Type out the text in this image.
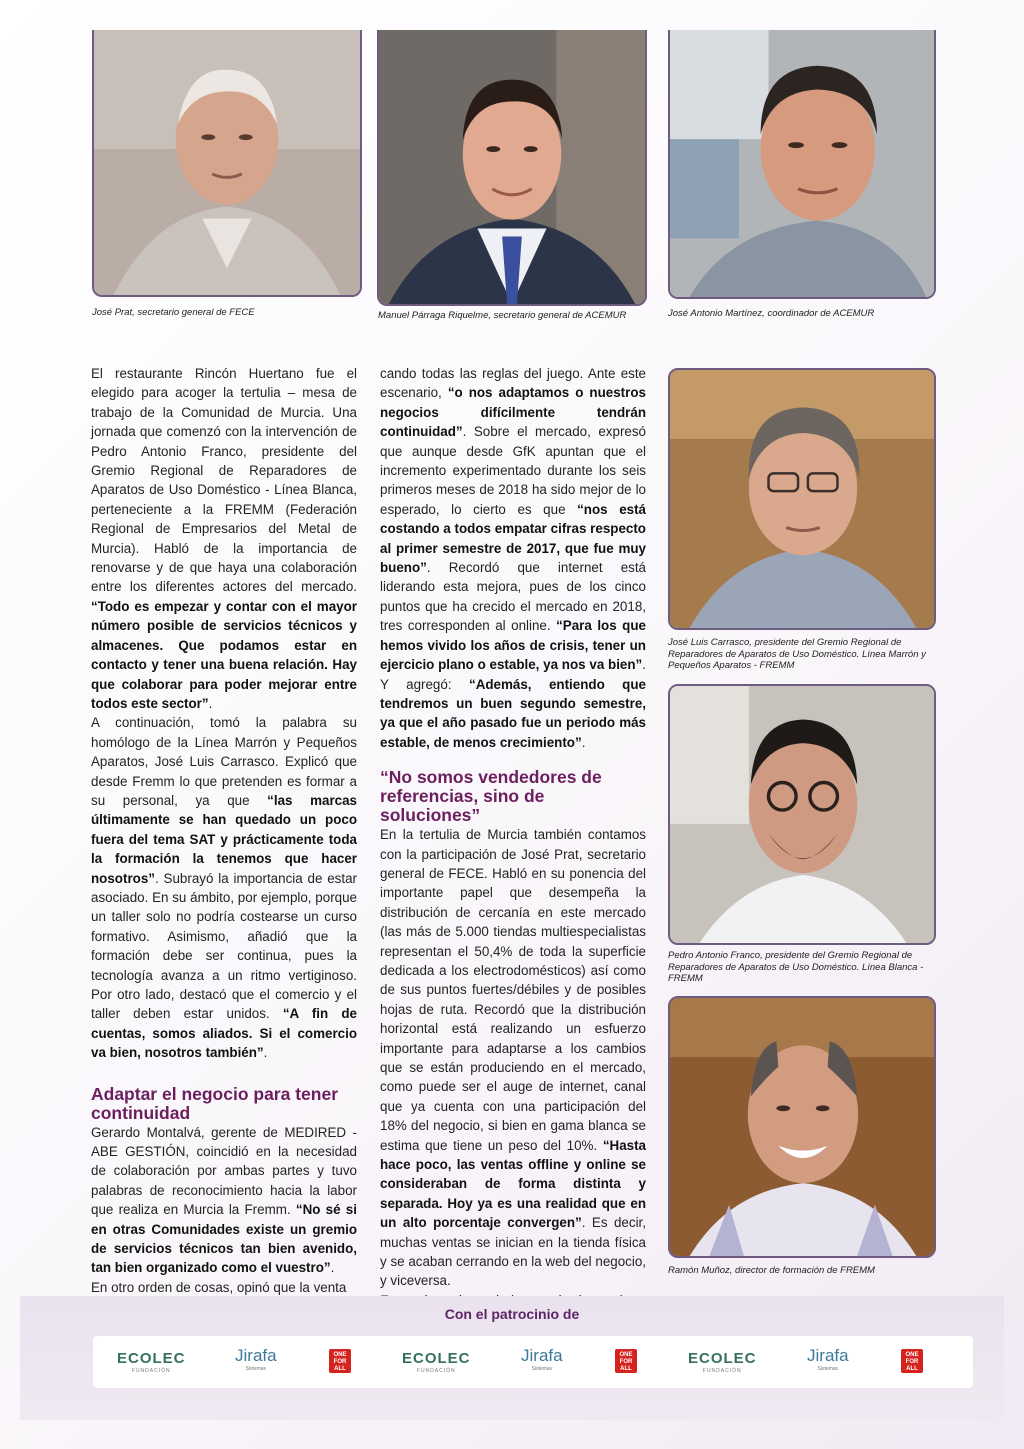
José Prat, secretario general de FECE	Manuel Párraga Riquelme, secretario general de ACEMUR	José Antonio Martínez, coordinador de ACEMUR
José Luis Carrasco, presidente del Gremio Regional de Reparadores de Aparatos de Uso Doméstico. Línea Marrón y Pequeños Aparatos - FREMM
Pedro Antonio Franco, presidente del Gremio Regional de Reparadores de Aparatos de Uso Doméstico. Línea Blanca - FREMM
Ramón Muñoz, director de formación de FREMM

El restaurante Rincón Huertano fue el elegido para acoger la tertulia – mesa de trabajo de la Comunidad de Murcia. Una jornada que comenzó con la intervención de Pedro Antonio Franco, presidente del Gremio Regional de Reparadores de Aparatos de Uso Doméstico - Línea Blanca, perteneciente a la FREMM (Federación Regional de Empresarios del Metal de Murcia). Habló de la importancia de renovarse y de que haya una colaboración entre los diferentes actores del mercado. “Todo es empezar y contar con el mayor número posible de servicios técnicos y almacenes. Que podamos estar en contacto y tener una buena relación. Hay que colaborar para poder mejorar entre todos este sector”.

A continuación, tomó la palabra su homólogo de la Línea Marrón y Pequeños Aparatos, José Luis Carrasco. Explicó que desde Fremm lo que pretenden es formar a su personal, ya que “las marcas últimamente se han quedado un poco fuera del tema SAT y prácticamente toda la formación la tenemos que hacer nosotros”. Subrayó la importancia de estar asociado. En su ámbito, por ejemplo, porque un taller solo no podría costearse un curso formativo. Asimismo, añadió que la formación debe ser continua, pues la tecnología avanza a un ritmo vertiginoso. Por otro lado, destacó que el comercio y el taller deben estar unidos. “A fin de cuentas, somos aliados. Si el comercio va bien, nosotros también”.

Adaptar el negocio para tener continuidad

Gerardo Montalvá, gerente de MEDIRED - ABE GESTIÓN, coincidió en la necesidad de colaboración por ambas partes y tuvo palabras de reconocimiento hacia la labor que realiza en Murcia la Fremm. “No sé si en otras Comunidades existe un gremio de servicios técnicos tan bien avenido, tan bien organizado como el vuestro”.

En otro orden de cosas, opinó que la venta

cando todas las reglas del juego. Ante este escenario, “o nos adaptamos o nuestros negocios difícilmente tendrán continuidad”. Sobre el mercado, expresó que aunque desde GfK apuntan que el incremento experimentado durante los seis primeros meses de 2018 ha sido mejor de lo esperado, lo cierto es que “nos está costando a todos empatar cifras respecto al primer semestre de 2017, que fue muy bueno”. Recordó que internet está liderando esta mejora, pues de los cinco puntos que ha crecido el mercado en 2018, tres corresponden al online. “Para los que hemos vivido los años de crisis, tener un ejercicio plano o estable, ya nos va bien”. Y agregó: “Además, entiendo que tendremos un buen segundo semestre, ya que el año pasado fue un periodo más estable, de menos crecimiento”.

“No somos vendedores de referencias, sino de soluciones”

En la tertulia de Murcia también contamos con la participación de José Prat, secretario general de FECE. Habló en su ponencia del importante papel que desempeña la distribución de cercanía en este mercado (las más de 5.000 tiendas multiespecialistas representan el 50,4% de toda la superficie dedicada a los electrodomésticos) así como de sus puntos fuertes/débiles y de posibles hojas de ruta. Recordó que la distribución horizontal está realizando un esfuerzo importante para adaptarse a los cambios que se están produciendo en el mercado, como puede ser el auge de internet, canal que ya cuenta con una participación del 18% del negocio, si bien en gama blanca se estima que tiene un peso del 10%. “Hasta hace poco, las ventas offline y online se consideraban de forma distinta y separada. Hoy ya es una realidad que en un alto porcentaje convergen”. Es decir, muchas ventas se inician en la tienda física y se acaban cerrando en la web del negocio, y viceversa.

Con el patrocinio de
ECOLEC
FUNDACIÓN
Jirafa
Sistemas
ONE FOR ALL
ECOLEC
FUNDACIÓN
Jirafa
Sistemas
ONE FOR ALL
ECOLEC
FUNDACIÓN
Jirafa
Sistemas
ONE FOR ALL
